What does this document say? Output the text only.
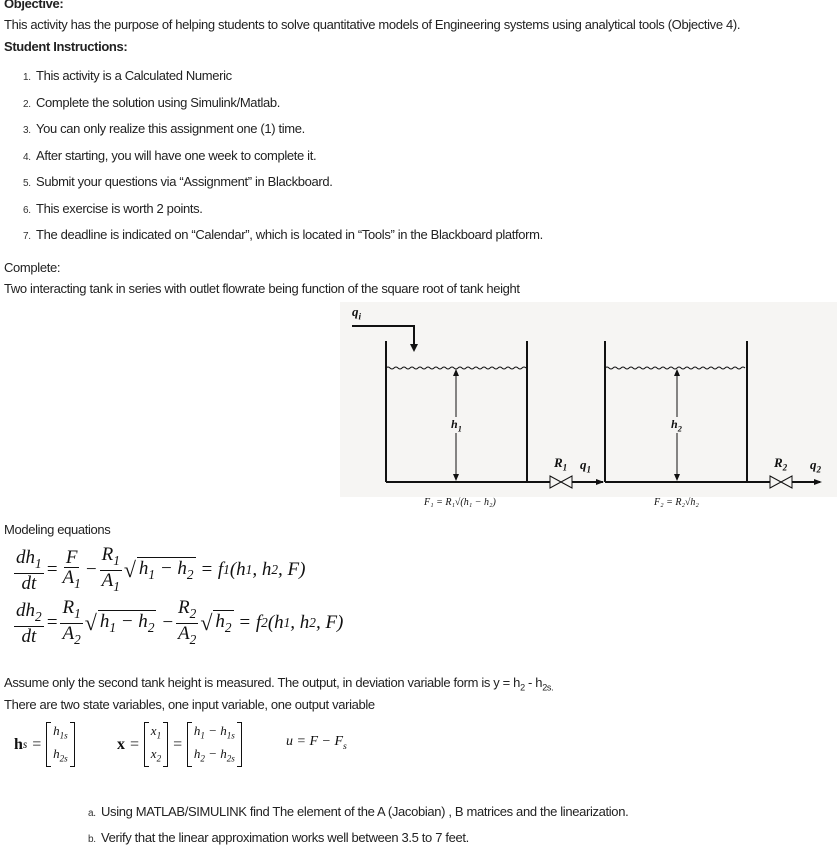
Objective:
This activity has the purpose of helping students to solve quantitative models of Engineering systems using analytical tools (Objective 4).
Student Instructions:
1. This activity is a Calculated Numeric
2. Complete the solution using Simulink/Matlab.
3. You can only realize this assignment one (1) time.
4. After starting, you will have one week to complete it.
5. Submit your questions via “Assignment” in Blackboard.
6. This exercise is worth 2 points.
7. The deadline is indicated on “Calendar”, which is located in “Tools” in the Blackboard platform.
Complete:
Two interacting tank in series with outlet flowrate being function of the square root of tank height
$q_i$
$h_1$	$h_2$
$R_1$ $q_1$	$R_2$ $q_2$
F₁ = R₁√(h₁ − h₂)	F₂ = R₂√h₂
Modeling equations
$\frac{dh_1}{dt} = \frac{F}{A_1} - \frac{R_1}{A_1}$ √ $h_1 - h_2 = f$ 1 (h 1 , h 2 , F)
$\frac{dh_2}{dt} = \frac{R_1}{A_2}$ √ $h_1 - h_2 - \frac{R_2}{A_2}$ √ $h_2 = f$ 2 (h 1 , h 2 , F)
Assume only the second tank height is measured. The output, in deviation variable form is $y = h_2 - h_{2s.}$
There are two state variables, one input variable, one output variable
h s =
$h_{1s}$
$h_{2s}$
x =
$x_1$
$x_2$
=
$h_1 - h_{1s}$
$h_2 - h_{2s}$
$u = F - F_s$
a. Using MATLAB/SIMULINK find The element of the A (Jacobian) , B matrices and the linearization.
b. Verify that the linear approximation works well between 3.5 to 7 feet.
